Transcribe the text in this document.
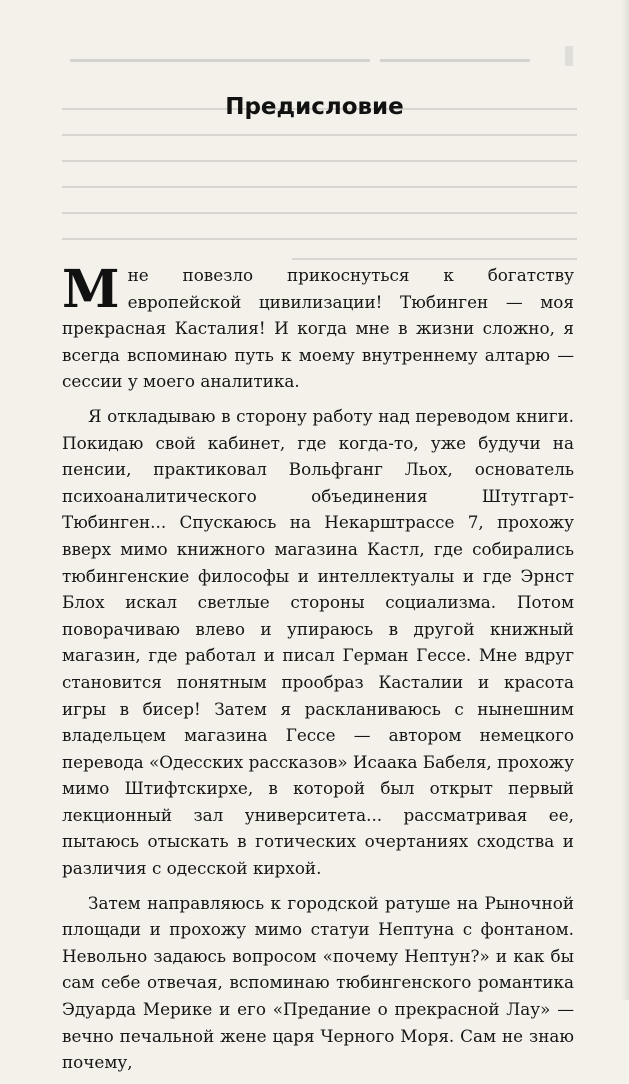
Предисловие

Мне повезло прикоснуться к богатству европейской цивилизации! Тюбинген — моя прекрасная Касталия! И когда мне в жизни сложно, я всегда вспоминаю путь к моему внутреннему алтарю — сессии у моего аналитика.

Я откладываю в сторону работу над переводом книги. Покидаю свой кабинет, где когда-то, уже будучи на пенсии, практиковал Вольфганг Льох, основатель психоаналитического объединения Штутгарт-Тюбинген... Спускаюсь на Некарштрассе 7, прохожу вверх мимо книжного магазина Кастл, где собирались тюбингенские философы и интеллектуалы и где Эрнст Блох искал светлые стороны социализма. Потом поворачиваю влево и упираюсь в другой книжный магазин, где работал и писал Герман Гессе. Мне вдруг становится понятным прообраз Касталии и красота игры в бисер! Затем я раскланиваюсь с нынешним владельцем магазина Гессе — автором немецкого перевода «Одесских рассказов» Исаака Бабеля, прохожу мимо Штифтскирхе, в которой был открыт первый лекционный зал университета... рассматривая ее, пытаюсь отыскать в готических очертаниях сходства и различия с одесской кирхой.

Затем направляюсь к городской ратуше на Рыночной площади и прохожу мимо статуи Нептуна с фонтаном. Невольно задаюсь вопросом «почему Нептун?» и как бы сам себе отвечая, вспоминаю тюбингенского романтика Эдуарда Мерике и его «Предание о прекрасной Лау» — вечно печальной жене царя Черного Моря. Сам не знаю почему,
